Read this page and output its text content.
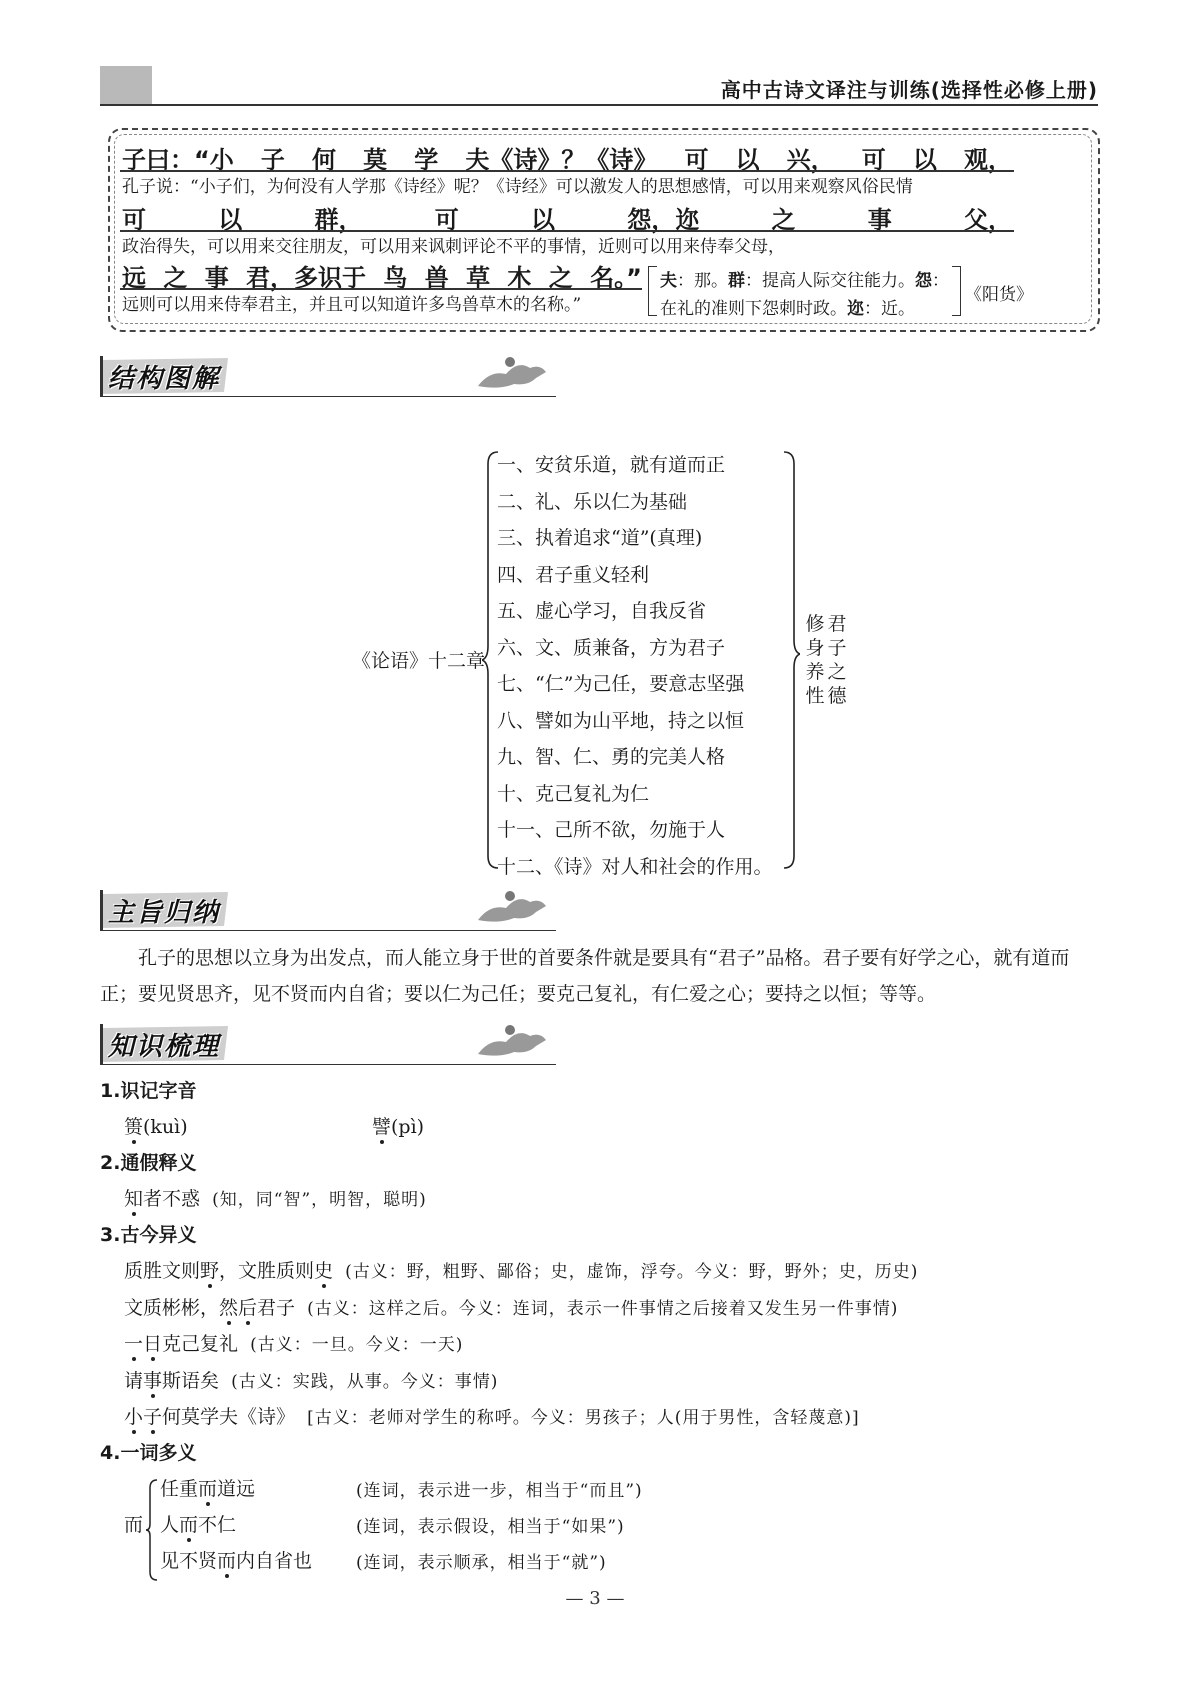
高中古诗文译注与训练(选择性必修上册)
子曰：“小 子 何 莫 学 夫《诗》？《诗》 可 以 兴， 可 以 观，
孔子说：“小子们，为何没有人学那《诗经》呢？《诗经》可以激发人的思想感情，可以用来观察风俗民情
可	以	群，	可	以	怨，迩	之	事	父，
政治得失，可以用来交往朋友，可以用来讽刺评论不平的事情，近则可以用来侍奉父母，
远 之 事 君，多识于 鸟 兽 草 木 之 名。”
远则可以用来侍奉君主，并且可以知道许多鸟兽草木的名称。”
夫：那。群：提高人际交往能力。怨：
在礼的准则下怨刺时政。迩：近。
《阳货》
结构图解
《论语》十二章
一、安贫乐道，就有道而正
二、礼、乐以仁为基础
三、执着追求“道”(真理)
四、君子重义轻利
五、虚心学习，自我反省
六、文、质兼备，方为君子
七、“仁”为己任，要意志坚强
八、譬如为山平地，持之以恒
九、智、仁、勇的完美人格
十、克己复礼为仁
十一、己所不欲，勿施于人
十二、《诗》对人和社会的作用。
修
身
养
性
君
子
之
德
主旨归纳
孔子的思想以立身为出发点，而人能立身于世的首要条件就是要具有“君子”品格。君子要有好学之心，就有道而正；要见贤思齐，见不贤而内自省；要以仁为己任；要克己复礼，有仁爱之心；要持之以恒；等等。
知识梳理
1.识记字音
篑(kuì)	譬(pì)
2.通假释义
知者不惑 (知，同“智”，明智，聪明)
3.古今异义
质胜文则野，文胜质则史 (古义：野，粗野、鄙俗；史，虚饰，浮夸。今义：野，野外；史，历史)
文质彬彬，然后君子 (古义：这样之后。今义：连词，表示一件事情之后接着又发生另一件事情)
一日克己复礼 (古义：一旦。今义：一天)
请事斯语矣 (古义：实践，从事。今义：事情)
小子何莫学夫《诗》 [古义：老师对学生的称呼。今义：男孩子；人(用于男性，含轻蔑意)]
4.一词多义
而
任重而道远	(连词，表示进一步，相当于“而且”)
人而不仁	(连词，表示假设，相当于“如果”)
见不贤而内自省也	(连词，表示顺承，相当于“就”)
— 3 —
